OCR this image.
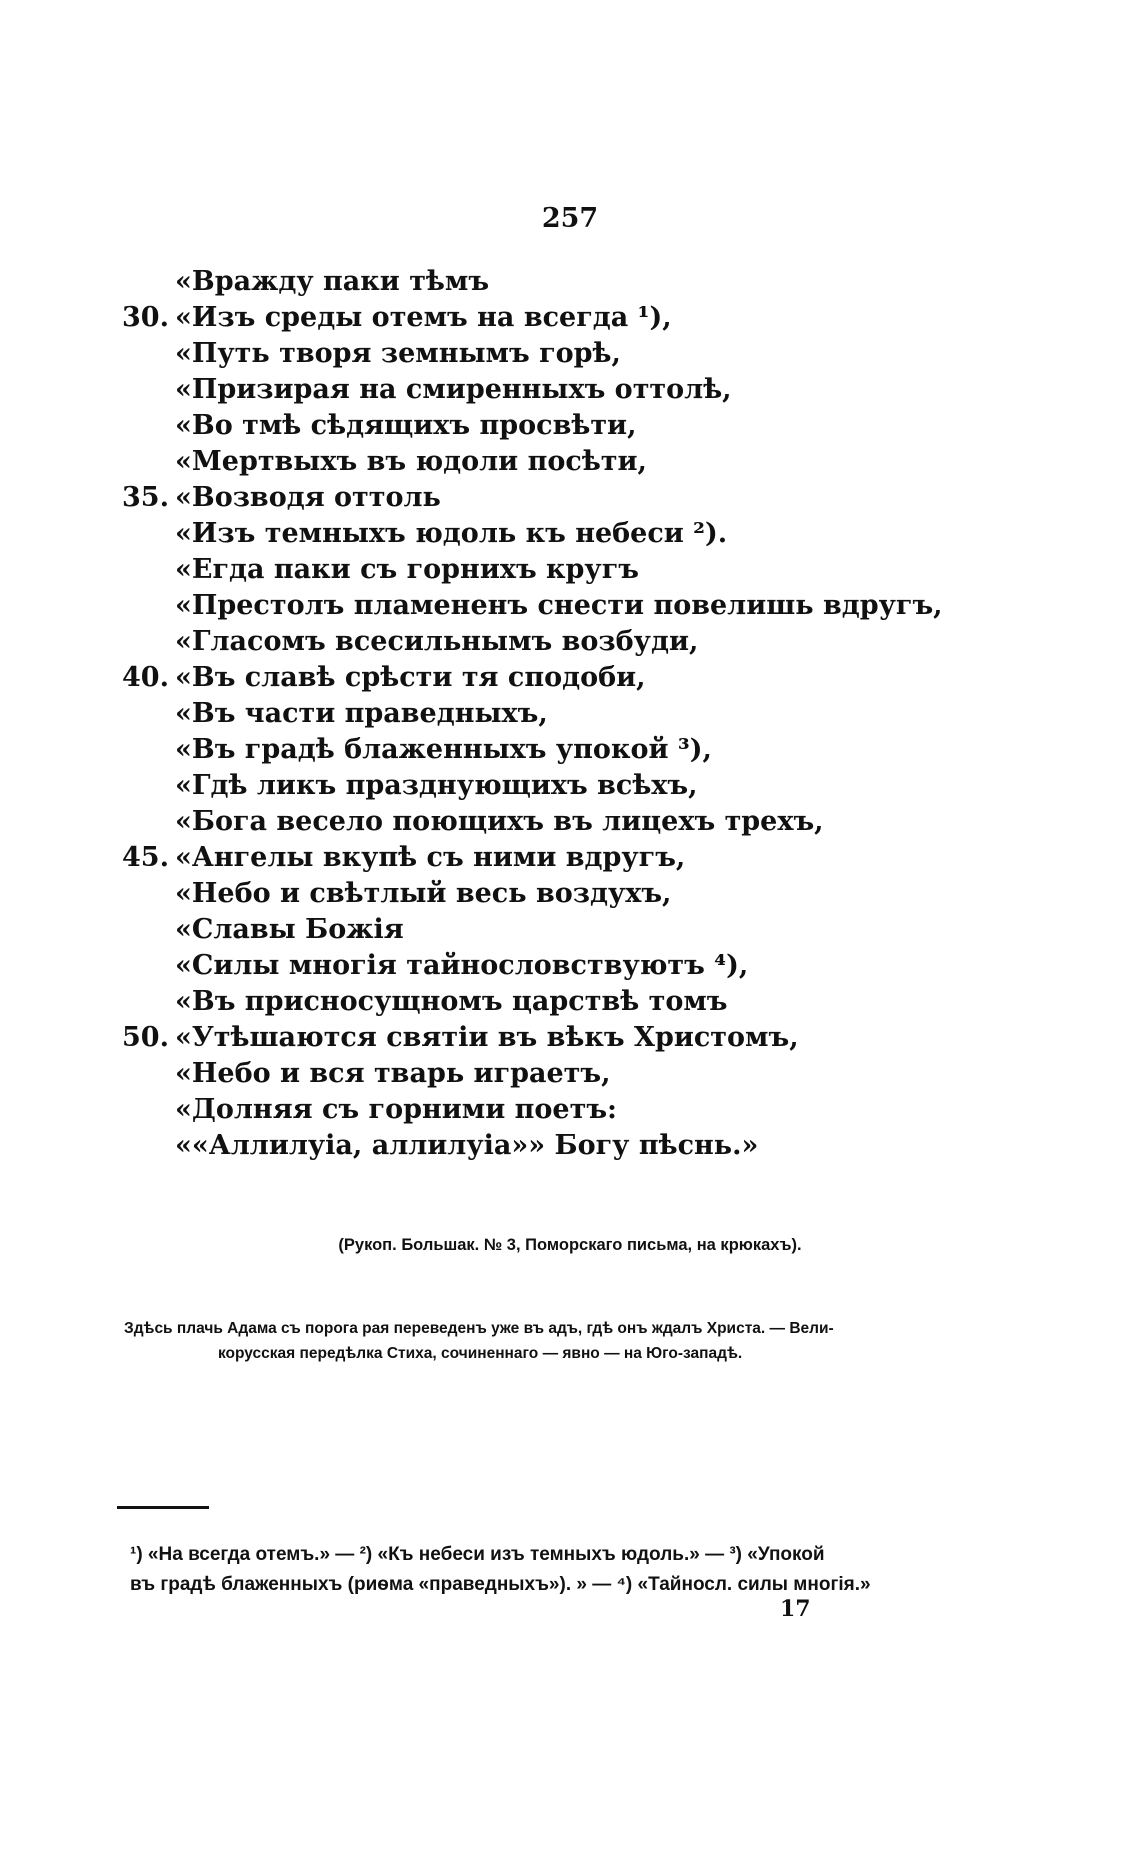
257
«Вражду паки тѣмъ
30. «Изъ среды отемъ на всегда ¹),
«Путь творя земнымъ горѣ,
«Призирая на смиренныхъ оттолѣ,
«Во тмѣ сѣдящихъ просвѣти,
«Мертвыхъ въ юдоли посѣти,
35. «Возводя оттоль
«Изъ темныхъ юдоль къ небеси ²).
«Егда паки съ горнихъ кругъ
«Престолъ пламененъ снести повелишь вдругъ,
«Гласомъ всесильнымъ возбуди,
40. «Въ славѣ срѣсти тя сподоби,
«Въ части праведныхъ,
«Въ градѣ блаженныхъ упокой ³),
«Гдѣ ликъ празднующихъ всѣхъ,
«Бога весело поющихъ въ лицехъ трехъ,
45. «Ангелы вкупѣ съ ними вдругъ,
«Небо и свѣтлый весь воздухъ,
«Славы Божія
«Силы многія тайнословствуютъ ⁴),
«Въ присносущномъ царствѣ томъ
50. «Утѣшаются святіи въ вѣкъ Христомъ,
«Небо и вся тварь играетъ,
«Долняя съ горними поетъ:
««Аллилуіа, аллилуіа»» Богу пѣснь.»
(Рукоп. Большак. № 3, Поморскаго письма, на крюкахъ).
Здѣсь плачь Адама съ порога рая переведенъ уже въ адъ, гдѣ онъ ждалъ Христа. — Вели-
корусская передѣлка Стиха, сочиненнаго — явно — на Юго-западѣ.
¹) «На всегда отемъ.» — ²) «Къ небеси изъ темныхъ юдоль.» — ³) «Упокой
въ градѣ блаженныхъ (риѳма «праведныхъ»). » — ⁴) «Тайносл. силы многія.»
17
